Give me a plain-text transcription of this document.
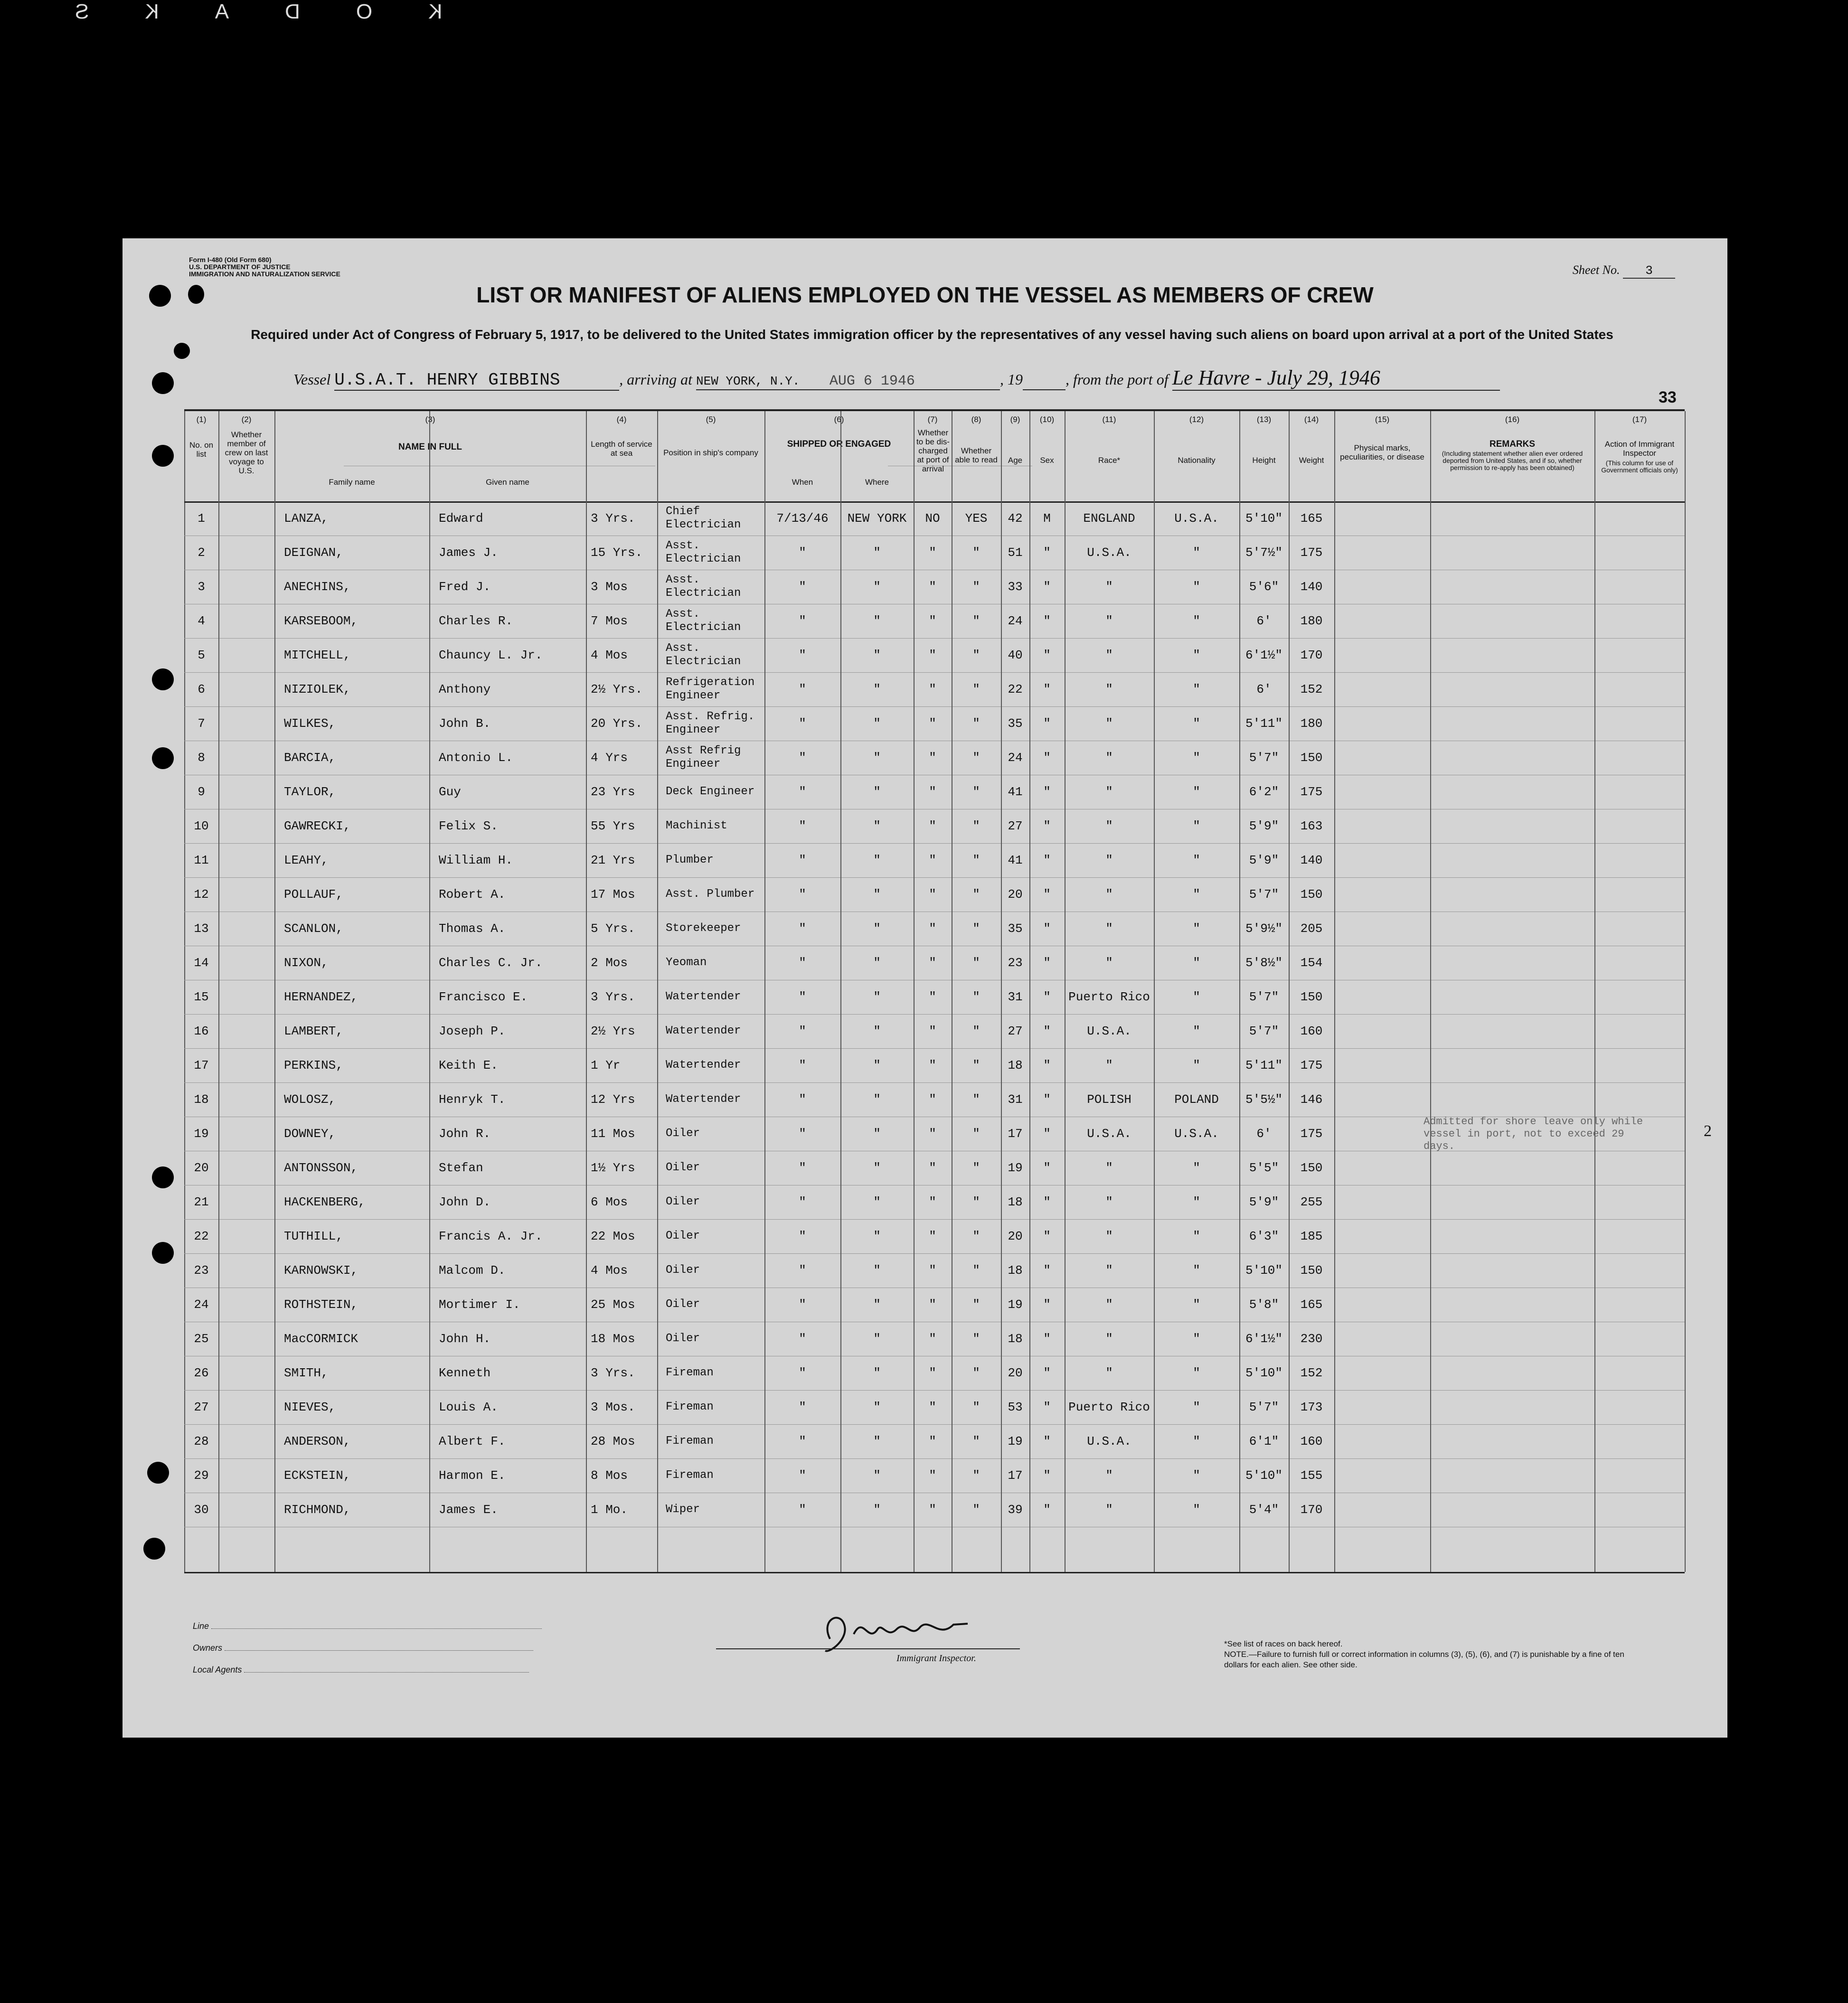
KODAKS
Form I-480 (Old Form 680)
U.S. DEPARTMENT OF JUSTICE
IMMIGRATION AND NATURALIZATION SERVICE	Sheet No. 3
LIST OR MANIFEST OF ALIENS EMPLOYED ON THE VESSEL AS MEMBERS OF CREW
Required under Act of Congress of February 5, 1917, to be delivered to the United States immigration officer by the representatives of any vessel having such aliens on board upon arrival at a port of the United States
Vessel U.S.A.T. HENRY GIBBINS	, arriving at NEW YORK, N.Y. AUG 6 1946	, 19	, from the port of Le Havre - July 29, 1946
33
(1)
No. on list
(2)
Whether member of crew on last voyage to U.S.
(3)
NAME IN FULL
Family name	Given name
(4)
Length of service at sea
(5)
Position in ship's company
(6)
SHIPPED OR ENGAGED
When	Where
(7)
Whether to be dis-charged at port of arrival
(8)
Whether able to read
(9)
Age
(10)
Sex
(11)
Race*
(12)
Nationality
(13)
Height
(14)
Weight
(15)
Physical marks, peculiarities, or disease
(16)
REMARKS
(Including statement whether alien ever ordered deported from United States, and if so, whether permission to re-apply has been obtained)
(17)
Action of Immigrant Inspector
(This column for use of Government officials only)
1	LANZA,	Edward	3 Yrs.	Chief Electrician	7/13/46	NEW YORK	NO	YES	42	M	ENGLAND	U.S.A.	5'10"	165
2	DEIGNAN,	James J.	15 Yrs.	Asst. Electrician	"	"	"	"	51	"	U.S.A.	"	5'7½"	175
3	ANECHINS,	Fred J.	3 Mos	Asst. Electrician	"	"	"	"	33	"	"	"	5'6"	140
4	KARSEBOOM,	Charles R.	7 Mos	Asst. Electrician	"	"	"	"	24	"	"	"	6'	180
5	MITCHELL,	Chauncy L. Jr.	4 Mos	Asst. Electrician	"	"	"	"	40	"	"	"	6'1½"	170
6	NIZIOLEK,	Anthony	2½ Yrs.	Refrigeration Engineer	"	"	"	"	22	"	"	"	6'	152
7	WILKES,	John B.	20 Yrs.	Asst. Refrig. Engineer	"	"	"	"	35	"	"	"	5'11"	180
8	BARCIA,	Antonio L.	4 Yrs	Asst Refrig Engineer	"	"	"	"	24	"	"	"	5'7"	150
9	TAYLOR,	Guy	23 Yrs	Deck Engineer	"	"	"	"	41	"	"	"	6'2"	175
10	GAWRECKI,	Felix S.	55 Yrs	Machinist	"	"	"	"	27	"	"	"	5'9"	163
11	LEAHY,	William H.	21 Yrs	Plumber	"	"	"	"	41	"	"	"	5'9"	140
12	POLLAUF,	Robert A.	17 Mos	Asst. Plumber	"	"	"	"	20	"	"	"	5'7"	150
13	SCANLON,	Thomas A.	5 Yrs.	Storekeeper	"	"	"	"	35	"	"	"	5'9½"	205
14	NIXON,	Charles C. Jr.	2 Mos	Yeoman	"	"	"	"	23	"	"	"	5'8½"	154
15	HERNANDEZ,	Francisco E.	3 Yrs.	Watertender	"	"	"	"	31	"	Puerto Rico	"	5'7"	150
16	LAMBERT,	Joseph P.	2½ Yrs	Watertender	"	"	"	"	27	"	U.S.A.	"	5'7"	160
17	PERKINS,	Keith E.	1 Yr	Watertender	"	"	"	"	18	"	"	"	5'11"	175
18	WOLOSZ,	Henryk T.	12 Yrs	Watertender	"	"	"	"	31	"	POLISH	POLAND	5'5½"	146
19	DOWNEY,	John R.	11 Mos	Oiler	"	"	"	"	17	"	U.S.A.	U.S.A.	6'	175
20	ANTONSSON,	Stefan	1½ Yrs	Oiler	"	"	"	"	19	"	"	"	5'5"	150
21	HACKENBERG,	John D.	6 Mos	Oiler	"	"	"	"	18	"	"	"	5'9"	255
22	TUTHILL,	Francis A. Jr.	22 Mos	Oiler	"	"	"	"	20	"	"	"	6'3"	185
23	KARNOWSKI,	Malcom D.	4 Mos	Oiler	"	"	"	"	18	"	"	"	5'10"	150
24	ROTHSTEIN,	Mortimer I.	25 Mos	Oiler	"	"	"	"	19	"	"	"	5'8"	165
25	MacCORMICK	John H.	18 Mos	Oiler	"	"	"	"	18	"	"	"	6'1½"	230
26	SMITH,	Kenneth	3 Yrs.	Fireman	"	"	"	"	20	"	"	"	5'10"	152
27	NIEVES,	Louis A.	3 Mos.	Fireman	"	"	"	"	53	"	Puerto Rico	"	5'7"	173
28	ANDERSON,	Albert F.	28 Mos	Fireman	"	"	"	"	19	"	U.S.A.	"	6'1"	160
29	ECKSTEIN,	Harmon E.	8 Mos	Fireman	"	"	"	"	17	"	"	"	5'10"	155
30	RICHMOND,	James E.	1 Mo.	Wiper	"	"	"	"	39	"	"	"	5'4"	170
Admitted for shore leave only while vessel in port, not to exceed 29 days.
2
Line
Owners
Local Agents
Immigrant Inspector.
*See list of races on back hereof.
NOTE.—Failure to furnish full or correct information in columns (3), (5), (6), and (7) is punishable by a fine of ten dollars for each alien. See other side.
